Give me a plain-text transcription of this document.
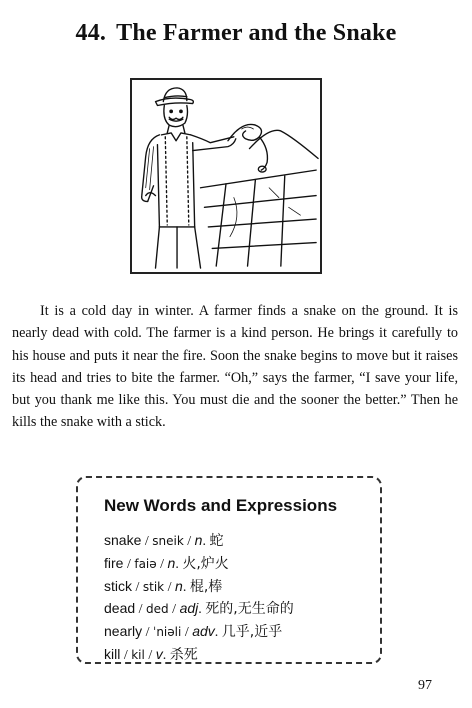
44. The Farmer and the Snake

It is a cold day in winter. A farmer finds a snake on the ground. It is nearly dead with cold. The farmer is a kind person. He brings it carefully to his house and puts it near the fire. Soon the snake begins to move but it raises its head and tries to bite the farmer. “Oh,” says the farmer, “I save your life, but you thank me like this. You must die and the sooner the better.” Then he kills the snake with a stick.

New Words and Expressions
snake / sneik / n. 蛇
fire / faiə / n. 火,炉火
stick / stik / n. 棍,棒
dead / ded / adj. 死的,无生命的
nearly / ˈniəli / adv. 几乎,近乎
kill / kil / v. 杀死
97
